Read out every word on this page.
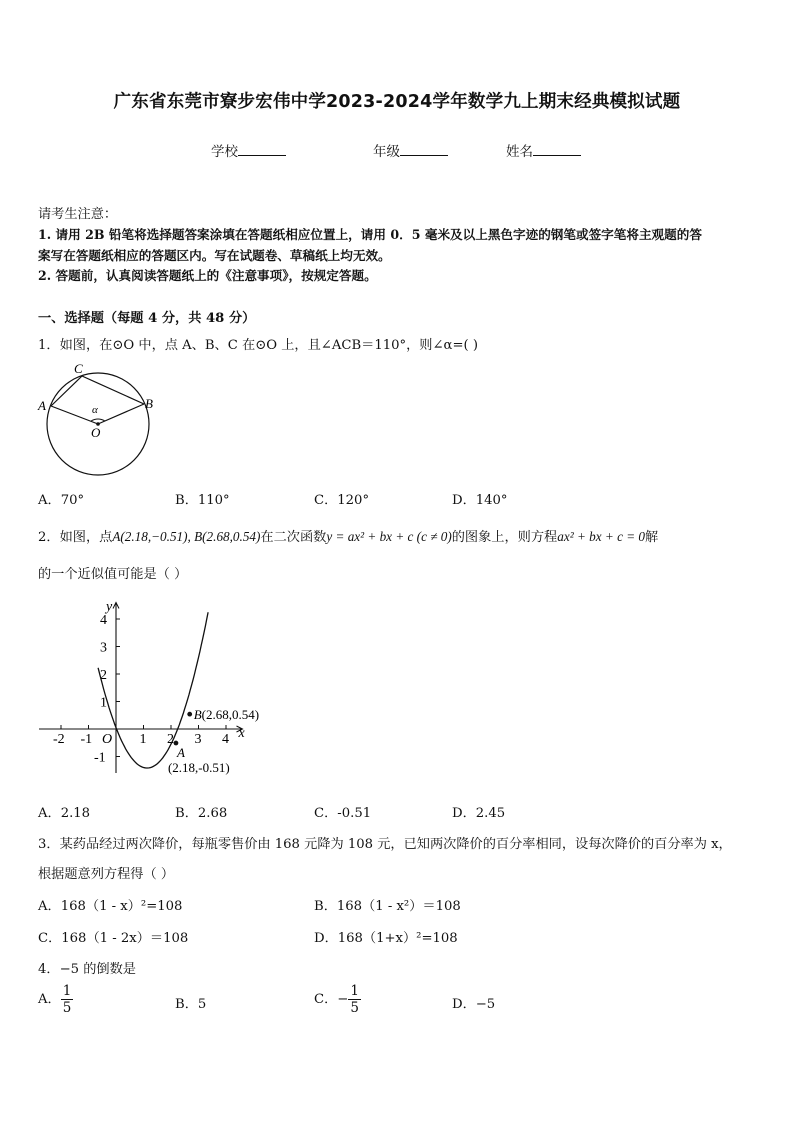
广东省东莞市寮步宏伟中学2023-2024学年数学九上期末经典模拟试题
学校	年级	姓名
请考生注意：
1. 请用 2B 铅笔将选择题答案涂填在答题纸相应位置上，请用 0．5 毫米及以上黑色字迹的钢笔或签字笔将主观题的答
案写在答题纸相应的答题区内。写在试题卷、草稿纸上均无效。
2. 答题前，认真阅读答题纸上的《注意事项》，按规定答题。
一、选择题（每题 4 分，共 48 分）
1．如图，在⊙O 中，点 A、B、C 在⊙O 上，且∠ACB＝110°，则∠α=( )
C
A	B
O
α
A．70°	B．110°	C．120°	D．140°
2．如图，点A(2.18,−0.51), B(2.68,0.54)在二次函数y = ax² + bx + c (c ≠ 0)的图象上，则方程ax² + bx + c = 0解
的一个近似值可能是（ ）
-2 -1 O 1 2 3 4
4
3
2
1
-1
x
y
B(2.68,0.54)
A
(2.18,-0.51)
A．2.18	B．2.68	C．-0.51	D．2.45
3．某药品经过两次降价，每瓶零售价由 168 元降为 108 元，已知两次降价的百分率相同，设每次降价的百分率为 x，
根据题意列方程得（ ）
A．168（1 - x）²=108	B．168（1 - x²）＝108
C．168（1 - 2x）＝108	D．168（1+x）²=108
4．−5 的倒数是
A． $\frac{1}{5}$	B．5	C．− $\frac{1}{5}$	D．−5
